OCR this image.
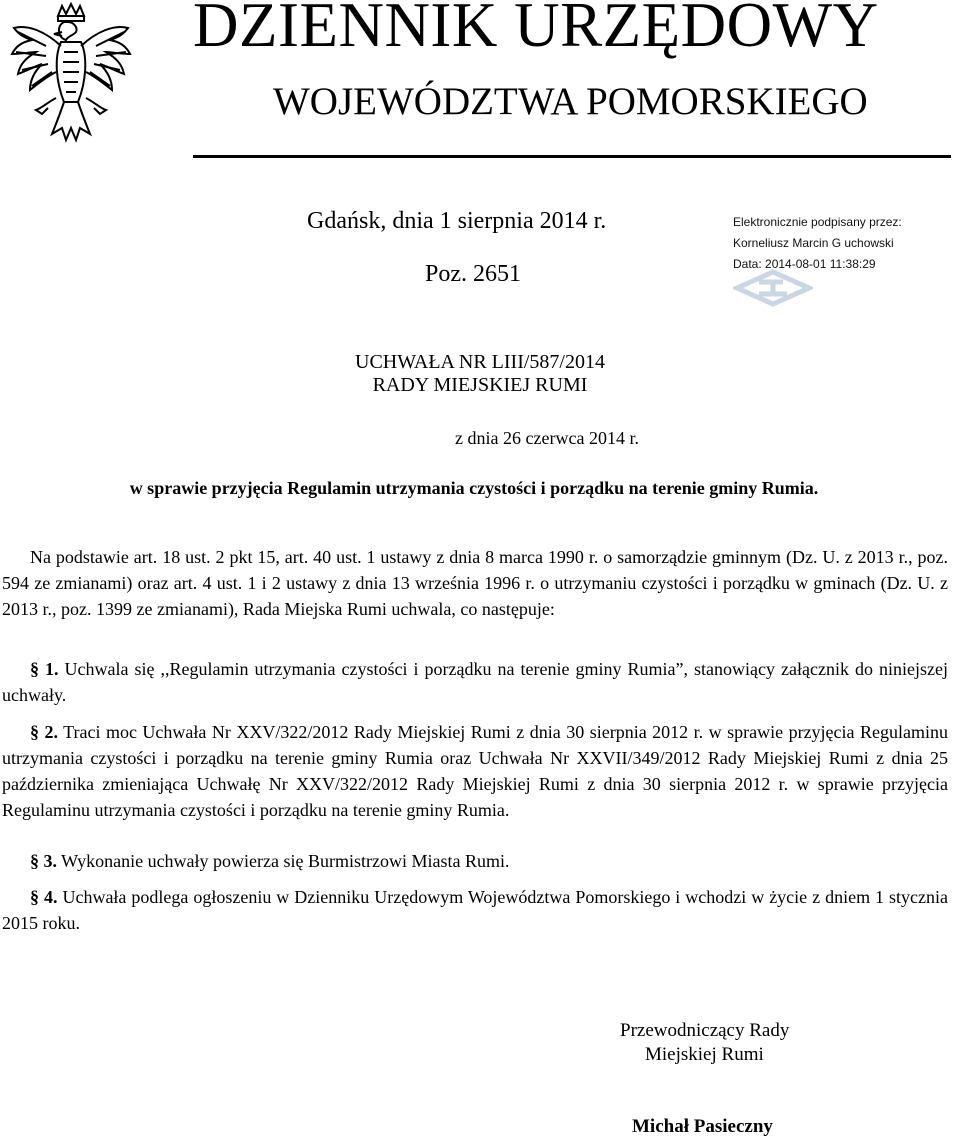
DZIENNIK URZĘDOWY
WOJEWÓDZTWA POMORSKIEGO
Gdańsk, dnia 1 sierpnia 2014 r.
Poz. 2651
Elektronicznie podpisany przez:
Korneliusz Marcin G uchowski
Data: 2014-08-01 11:38:29
UCHWAŁA NR LIII/587/2014
RADY MIEJSKIEJ RUMI
z dnia 26 czerwca 2014 r.
w sprawie przyjęcia Regulamin utrzymania czystości i porządku na terenie gminy Rumia.

Na podstawie art. 18 ust. 2 pkt 15, art. 40 ust. 1 ustawy z dnia 8 marca 1990 r. o samorządzie gminnym (Dz. U. z 2013 r., poz. 594 ze zmianami) oraz art. 4 ust. 1 i 2 ustawy z dnia 13 września 1996 r. o utrzymaniu czystości i porządku w gminach (Dz. U. z 2013 r., poz. 1399 ze zmianami), Rada Miejska Rumi uchwala, co następuje:

§ 1. Uchwala się ,,Regulamin utrzymania czystości i porządku na terenie gminy Rumia”, stanowiący załącznik do niniejszej uchwały.

§ 2. Traci moc Uchwała Nr XXV/322/2012 Rady Miejskiej Rumi z dnia 30 sierpnia 2012 r. w sprawie przyjęcia Regulaminu utrzymania czystości i porządku na terenie gminy Rumia oraz Uchwała Nr XXVII/349/2012 Rady Miejskiej Rumi z dnia 25 października zmieniająca Uchwałę Nr XXV/322/2012 Rady Miejskiej Rumi z dnia 30 sierpnia 2012 r. w sprawie przyjęcia Regulaminu utrzymania czystości i porządku na terenie gminy Rumia.

§ 3. Wykonanie uchwały powierza się Burmistrzowi Miasta Rumi.

§ 4. Uchwała podlega ogłoszeniu w Dzienniku Urzędowym Województwa Pomorskiego i wchodzi w życie z dniem 1 stycznia 2015 roku.

Przewodniczący Rady
Miejskiej Rumi
Michał Pasieczny
